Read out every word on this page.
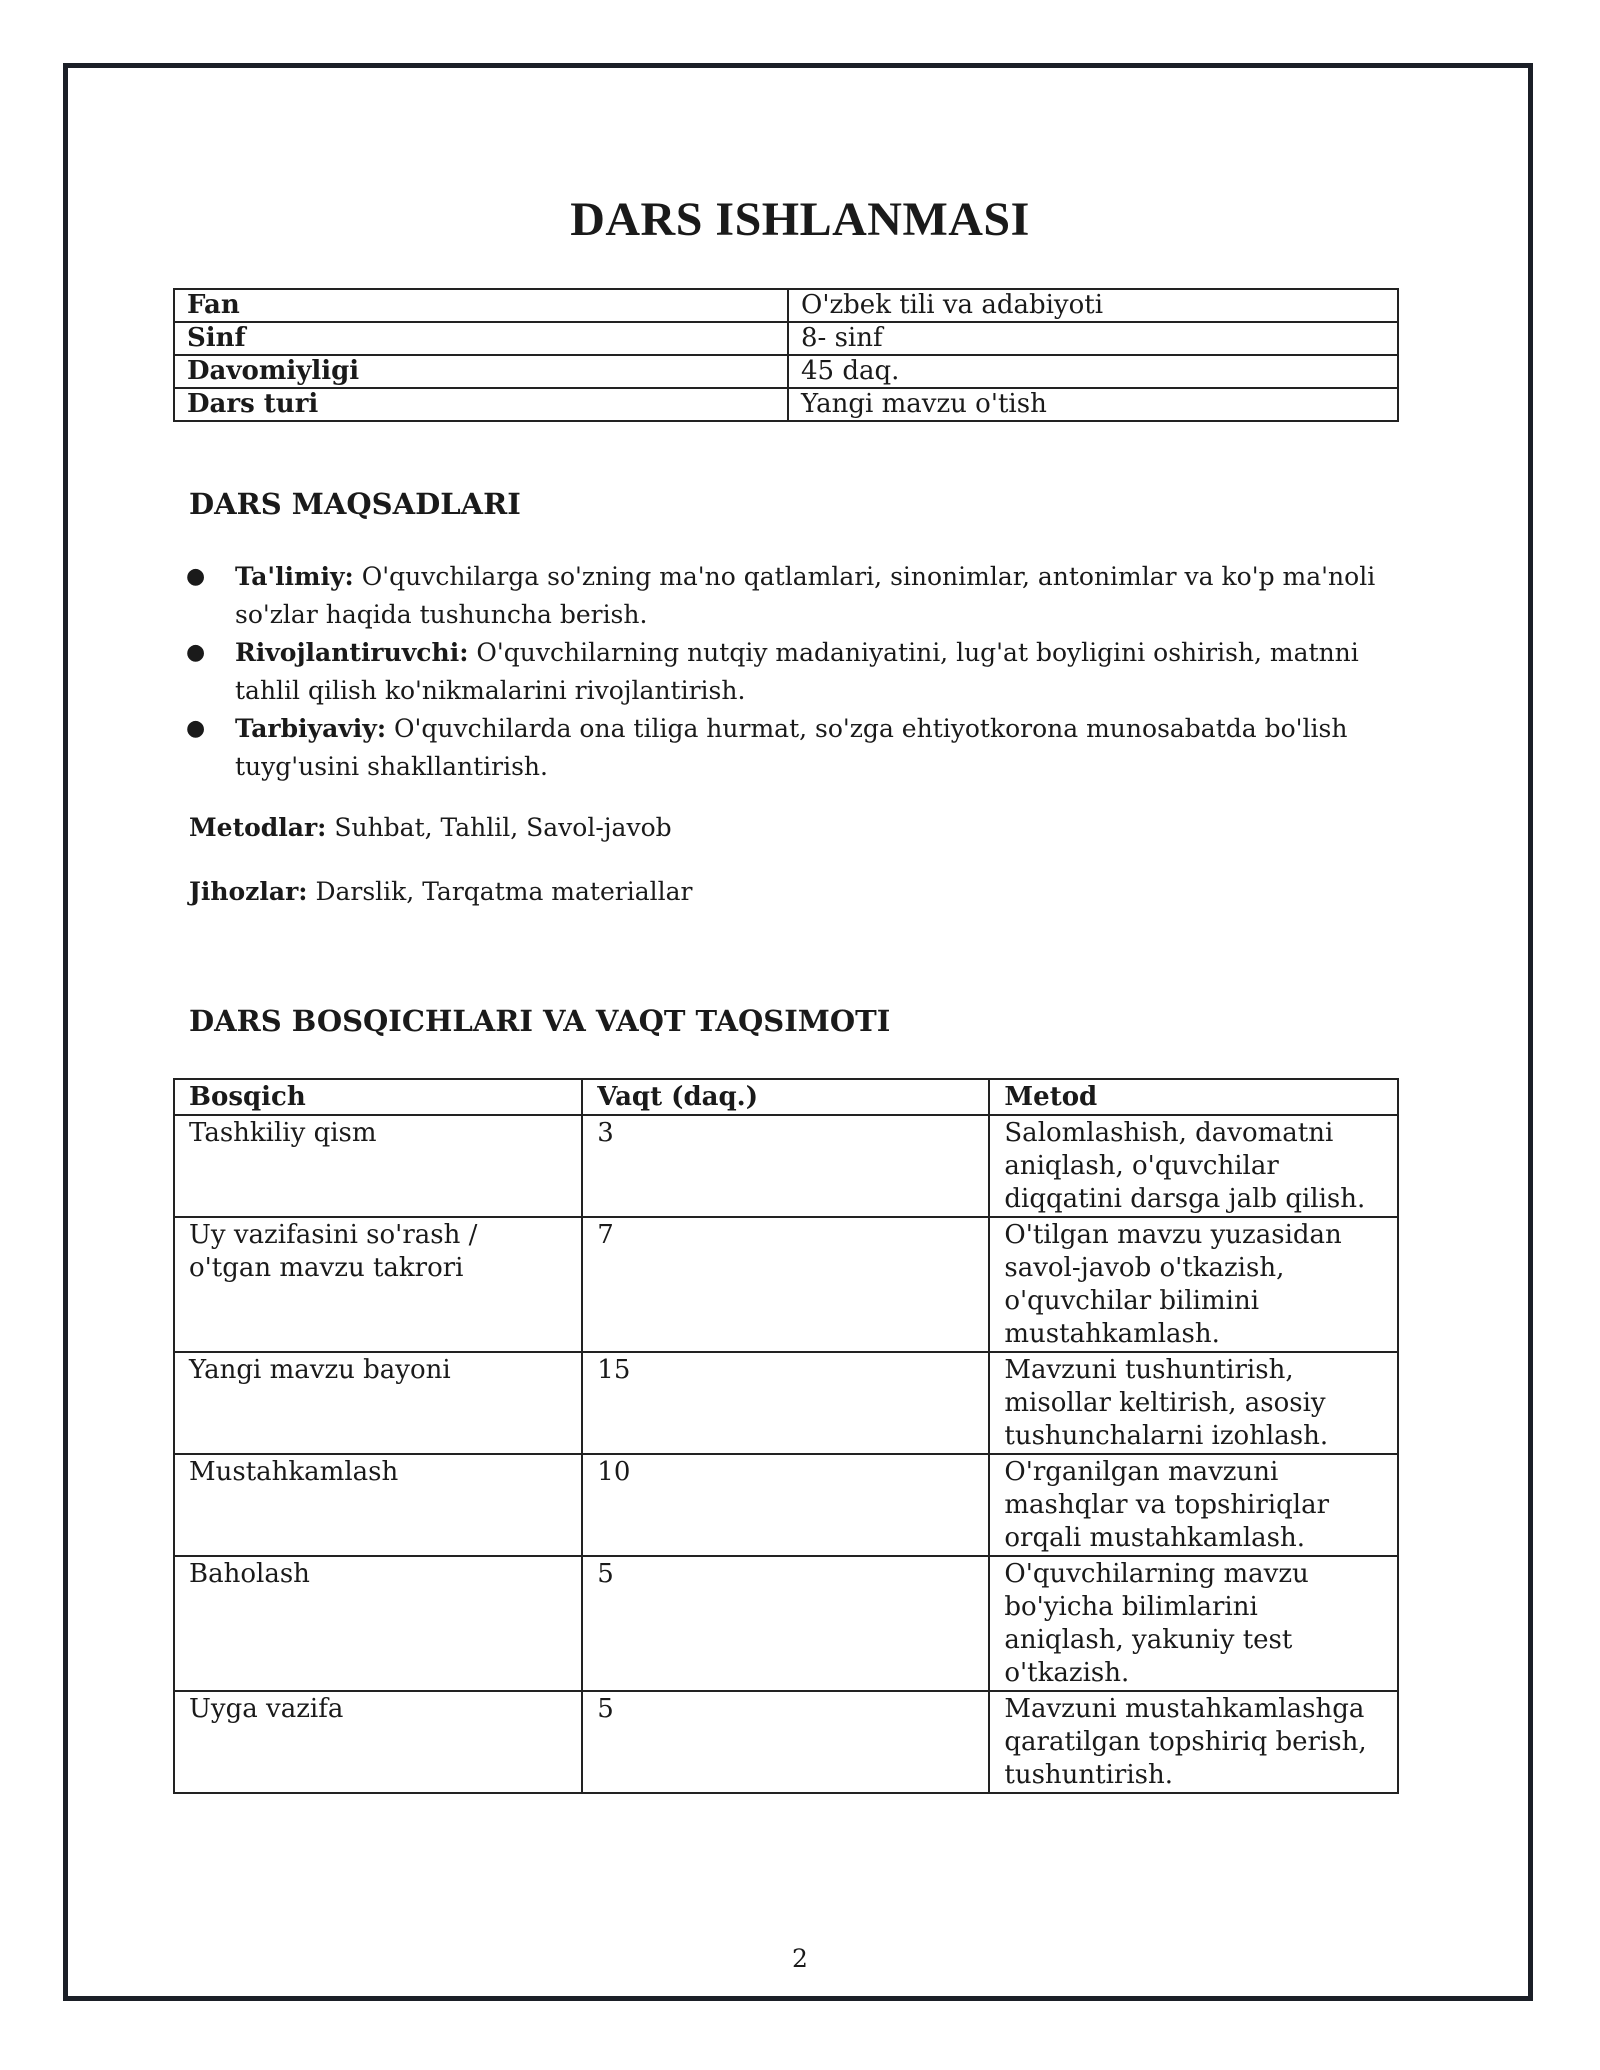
DARS ISHLANMASI
Fan	O'zbek tili va adabiyoti
Sinf	8- sinf
Davomiyligi	45 daq.
Dars turi	Yangi mavzu o'tish
DARS MAQSADLARI
● Ta'limiy: O'quvchilarga so'zning ma'no qatlamlari, sinonimlar, antonimlar va ko'p ma'noli so'zlar haqida tushuncha berish.
● Rivojlantiruvchi: O'quvchilarning nutqiy madaniyatini, lug'at boyligini oshirish, matnni tahlil qilish ko'nikmalarini rivojlantirish.
● Tarbiyaviy: O'quvchilarda ona tiliga hurmat, so'zga ehtiyotkorona munosabatda bo'lish tuyg'usini shakllantirish.

Metodlar: Suhbat, Tahlil, Savol-javob

Jihozlar: Darslik, Tarqatma materiallar

DARS BOSQICHLARI VA VAQT TAQSIMOTI
Bosqich	Vaqt (daq.)	Metod
Tashkiliy qism	3	Salomlashish, davomatni aniqlash, o'quvchilar diqqatini darsga jalb qilish.
Uy vazifasini so'rash / o'tgan mavzu takrori	7	O'tilgan mavzu yuzasidan savol-javob o'tkazish, o'quvchilar bilimini mustahkamlash.
Yangi mavzu bayoni	15	Mavzuni tushuntirish, misollar keltirish, asosiy tushunchalarni izohlash.
Mustahkamlash	10	O'rganilgan mavzuni mashqlar va topshiriqlar orqali mustahkamlash.
Baholash	5	O'quvchilarning mavzu bo'yicha bilimlarini aniqlash, yakuniy test o'tkazish.
Uyga vazifa	5	Mavzuni mustahkamlashga qaratilgan topshiriq berish, tushuntirish.

2
